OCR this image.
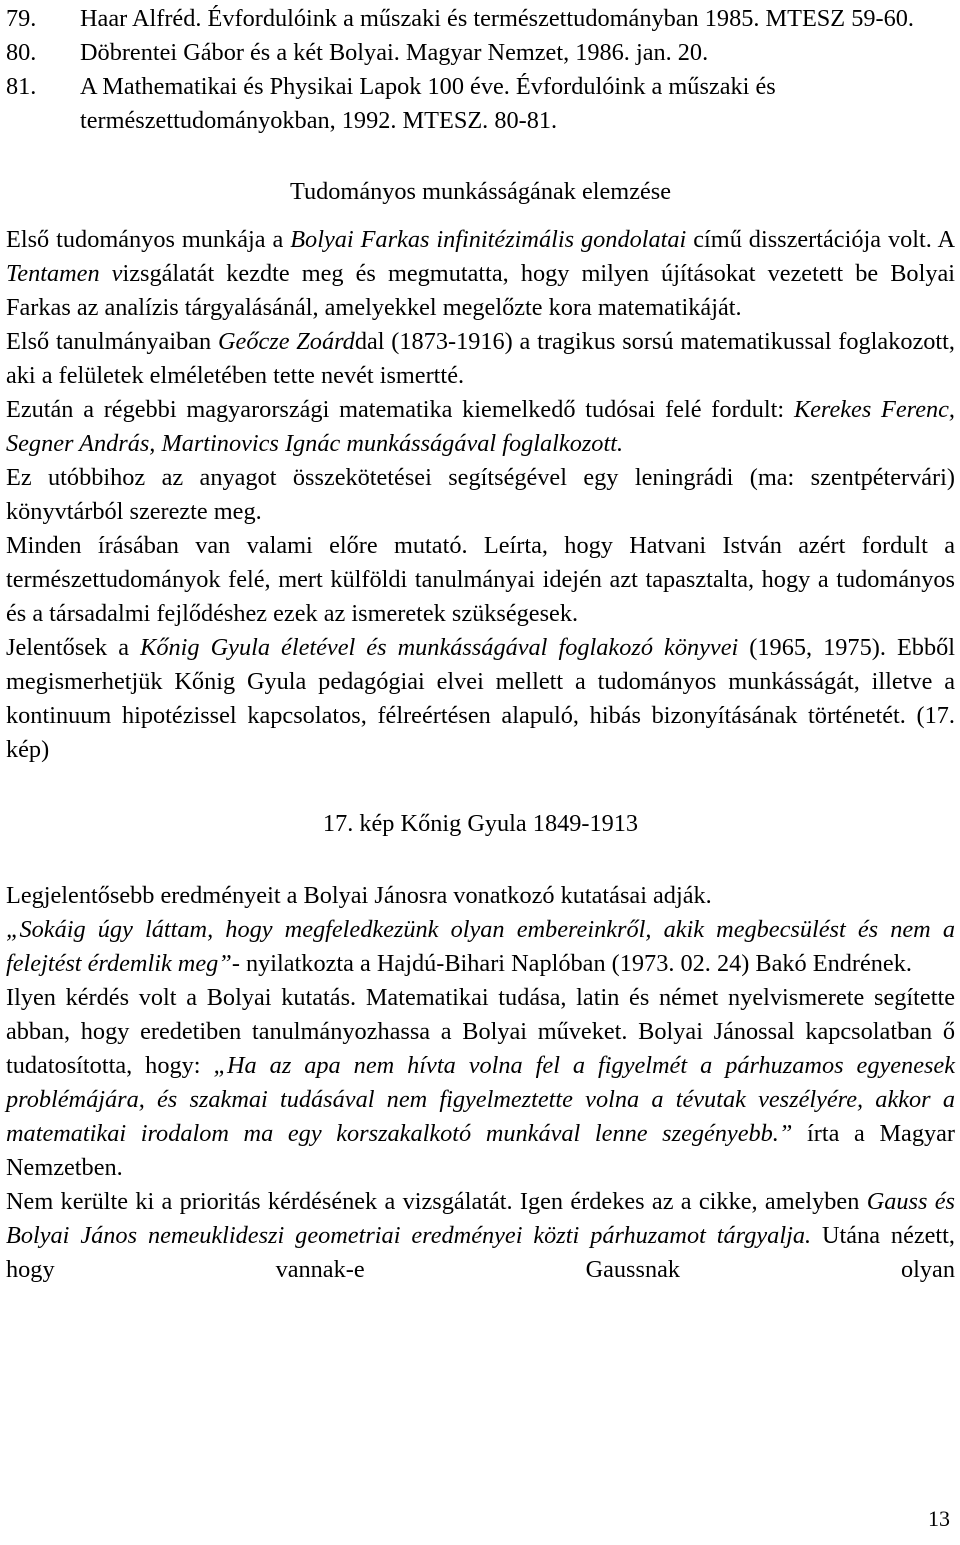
79.	Haar Alfréd. Évfordulóink a műszaki és természettudományban 1985. MTESZ 59-60.
80.	Döbrentei Gábor és a két Bolyai. Magyar Nemzet, 1986. jan. 20.
81.	A Mathematikai és Physikai Lapok 100 éve. Évfordulóink a műszaki és természettudományokban, 1992. MTESZ. 80-81.
Tudományos munkásságának elemzése

Első tudományos munkája a Bolyai Farkas infinitézimális gondolatai című disszertációja volt. A Tentamen vizsgálatát kezdte meg és megmutatta, hogy milyen újításokat vezetett be Bolyai Farkas az analízis tárgyalásánál, amelyekkel megelőzte kora matematikáját.

Első tanulmányaiban Geőcze Zoárddal (1873-1916) a tragikus sorsú matematikussal foglakozott, aki a felületek elméletében tette nevét ismertté.

Ezután a régebbi magyarországi matematika kiemelkedő tudósai felé fordult: Kerekes Ferenc, Segner András, Martinovics Ignác munkásságával foglalkozott.

Ez utóbbihoz az anyagot összekötetései segítségével egy leningrádi (ma: szentpétervári) könyvtárból szerezte meg.

Minden írásában van valami előre mutató. Leírta, hogy Hatvani István azért fordult a természettudományok felé, mert külföldi tanulmányai idején azt tapasztalta, hogy a tudományos és a társadalmi fejlődéshez ezek az ismeretek szükségesek.

Jelentősek a Kőnig Gyula életével és munkásságával foglakozó könyvei (1965, 1975). Ebből megismerhetjük Kőnig Gyula pedagógiai elvei mellett a tudományos munkásságát, illetve a kontinuum hipotézissel kapcsolatos, félreértésen alapuló, hibás bizonyításának történetét. (17. kép)

17. kép Kőnig Gyula 1849-1913

Legjelentősebb eredményeit a Bolyai Jánosra vonatkozó kutatásai adják.

„Sokáig úgy láttam, hogy megfeledkezünk olyan embereinkről, akik megbecsülést és nem a felejtést érdemlik meg”- nyilatkozta a Hajdú-Bihari Naplóban (1973. 02. 24) Bakó Endrének.

Ilyen kérdés volt a Bolyai kutatás. Matematikai tudása, latin és német nyelvismerete segítette abban, hogy eredetiben tanulmányozhassa a Bolyai műveket. Bolyai Jánossal kapcsolatban ő tudatosította, hogy: „Ha az apa nem hívta volna fel a figyelmét a párhuzamos egyenesek problémájára, és szakmai tudásával nem figyelmeztette volna a tévutak veszélyére, akkor a matematikai irodalom ma egy korszakalkotó munkával lenne szegényebb.” írta a Magyar Nemzetben.

Nem kerülte ki a prioritás kérdésének a vizsgálatát. Igen érdekes az a cikke, amelyben Gauss és Bolyai János nemeuklideszi geometriai eredményei közti párhuzamot tárgyalja. Utána nézett, hogy vannak-e Gaussnak olyan

13
